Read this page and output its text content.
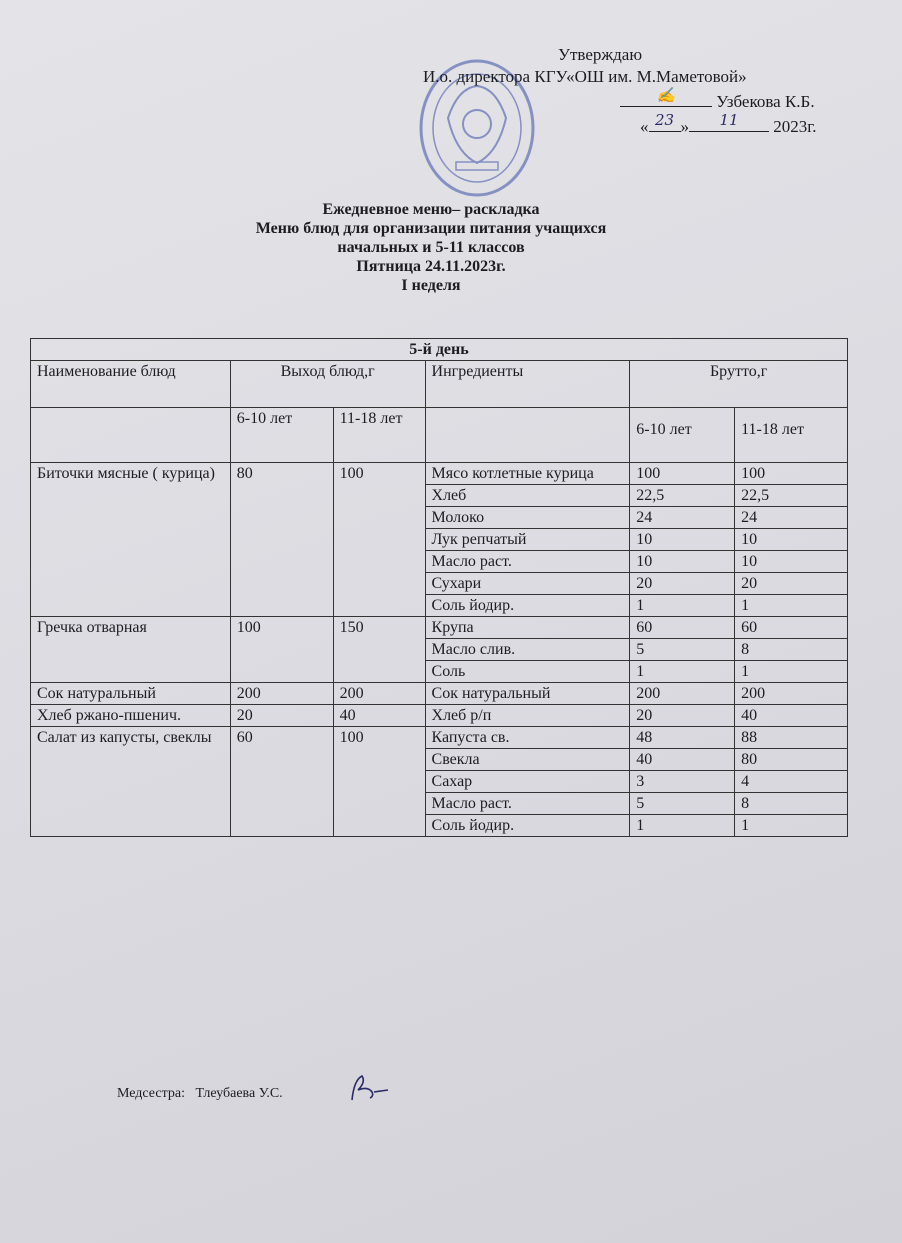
Утверждаю
И.о. директора КГУ«ОШ им. М.Маметовой»
✍	Узбекова К.Б.
« 23 »	11	2023г.
Ежедневное меню– раскладка
Меню блюд для организации питания учащихся
начальных и 5-11 классов
Пятница 24.11.2023г.
I неделя
5-й день					
Наименование блюд	Выход блюд,г		Ингредиенты	Брутто,г	
	6-10 лет	11-18 лет		6-10 лет	11-18 лет
Биточки мясные ( курица)	80	100	Мясо котлетные курица	100	100
			Хлеб	22,5	22,5
			Молоко	24	24
			Лук репчатый	10	10
			Масло раст.	10	10
			Сухари	20	20
			Соль йодир.	1	1
Гречка отварная	100	150	Крупа	60	60
			Масло слив.	5	8
			Соль	1	1
Сок натуральный	200	200	Сок натуральный	200	200
Хлеб ржано-пшенич.	20	40	Хлеб р/п	20	40
Салат из капусты, свеклы	60	100	Капуста св.	48	88
			Свекла	40	80
			Сахар	3	4
			Масло раст.	5	8
			Соль йодир.	1	1
Медсестра: Тлеубаева У.С.
